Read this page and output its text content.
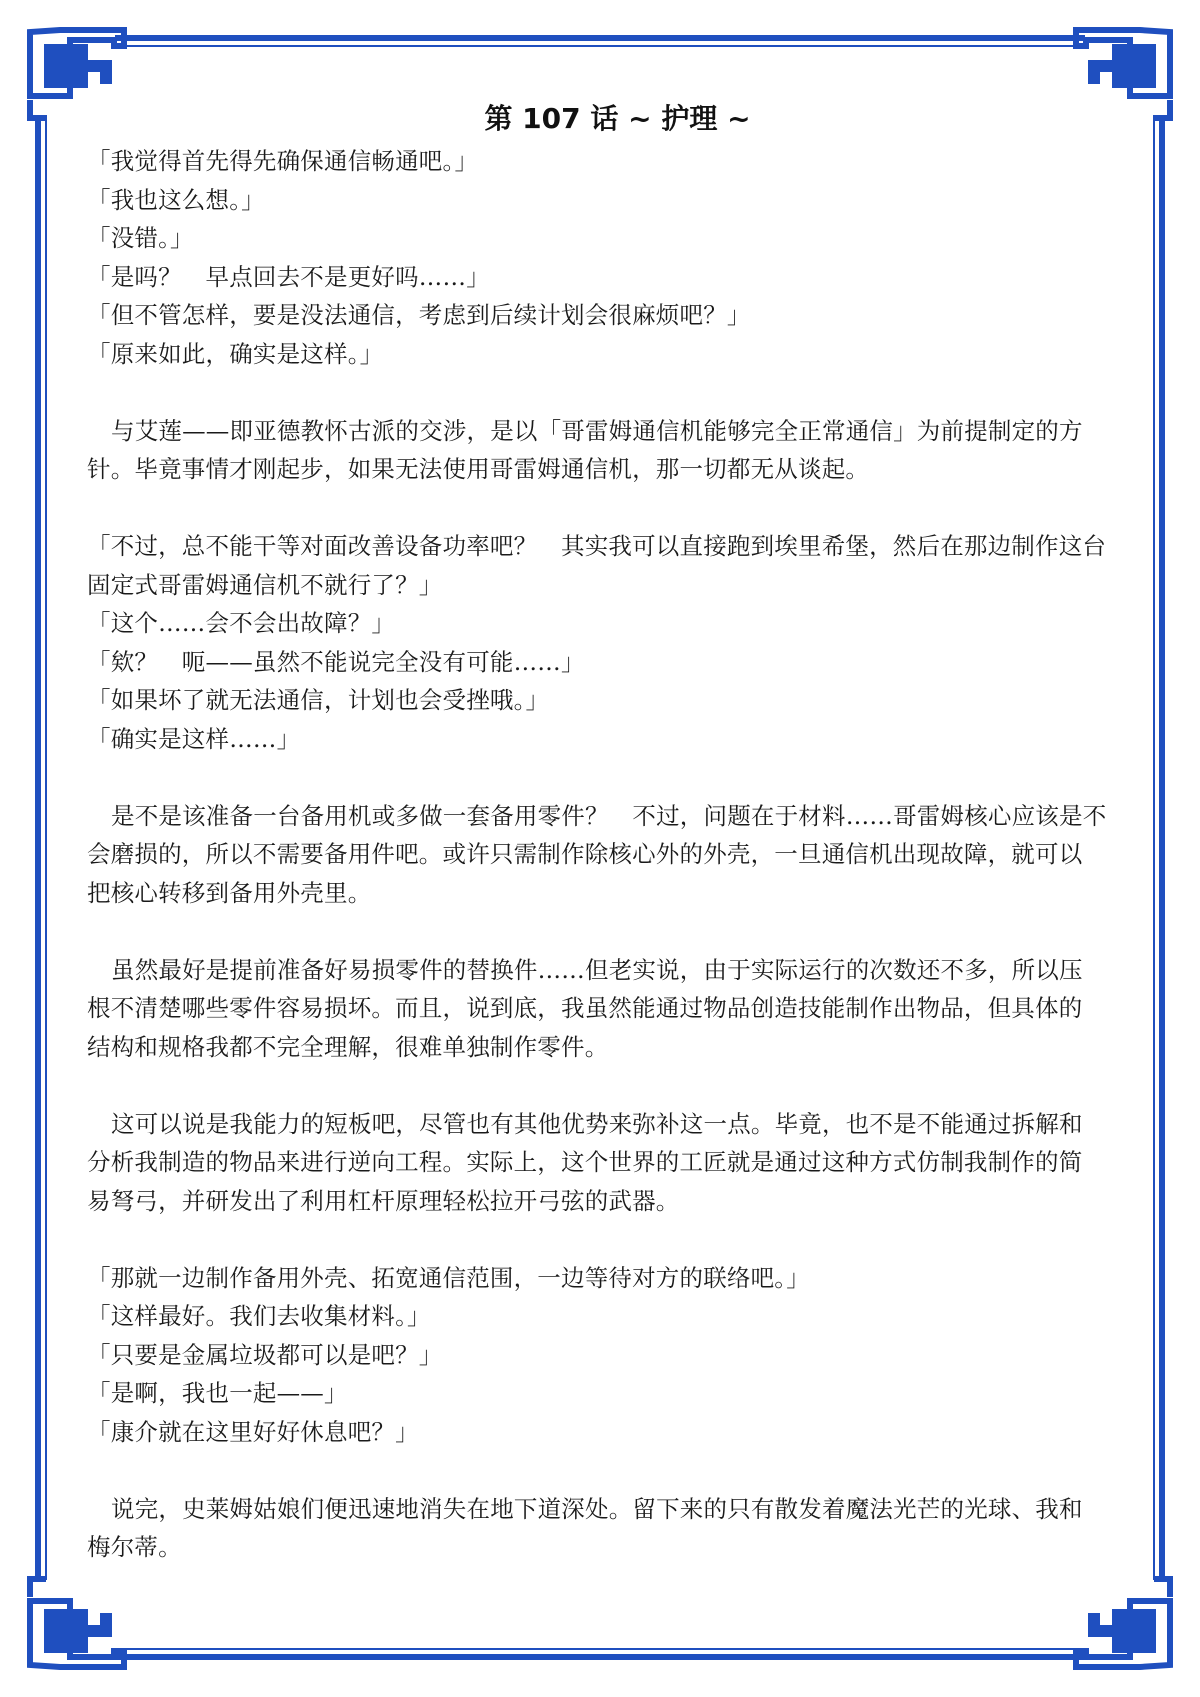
第 107 话 ~ 护理 ~
「我觉得首先得先确保通信畅通吧。」
「我也这么想。」
「没错。」
「是吗？　早点回去不是更好吗……」
「但不管怎样，要是没法通信，考虑到后续计划会很麻烦吧？」
「原来如此，确实是这样。」
与艾莲——即亚德教怀古派的交涉，是以「哥雷姆通信机能够完全正常通信」为前提制定的方
针。毕竟事情才刚起步，如果无法使用哥雷姆通信机，那一切都无从谈起。
「不过，总不能干等对面改善设备功率吧？　其实我可以直接跑到埃里希堡，然后在那边制作这台
固定式哥雷姆通信机不就行了？」
「这个……会不会出故障？」
「欸？　呃——虽然不能说完全没有可能……」
「如果坏了就无法通信，计划也会受挫哦。」
「确实是这样……」
是不是该准备一台备用机或多做一套备用零件？　不过，问题在于材料……哥雷姆核心应该是不
会磨损的，所以不需要备用件吧。或许只需制作除核心外的外壳，一旦通信机出现故障，就可以
把核心转移到备用外壳里。
虽然最好是提前准备好易损零件的替换件……但老实说，由于实际运行的次数还不多，所以压
根不清楚哪些零件容易损坏。而且，说到底，我虽然能通过物品创造技能制作出物品，但具体的
结构和规格我都不完全理解，很难单独制作零件。
这可以说是我能力的短板吧，尽管也有其他优势来弥补这一点。毕竟，也不是不能通过拆解和
分析我制造的物品来进行逆向工程。实际上，这个世界的工匠就是通过这种方式仿制我制作的简
易弩弓，并研发出了利用杠杆原理轻松拉开弓弦的武器。
「那就一边制作备用外壳、拓宽通信范围，一边等待对方的联络吧。」
「这样最好。我们去收集材料。」
「只要是金属垃圾都可以是吧？」
「是啊，我也一起——」
「康介就在这里好好休息吧？」
说完，史莱姆姑娘们便迅速地消失在地下道深处。留下来的只有散发着魔法光芒的光球、我和
梅尔蒂。
